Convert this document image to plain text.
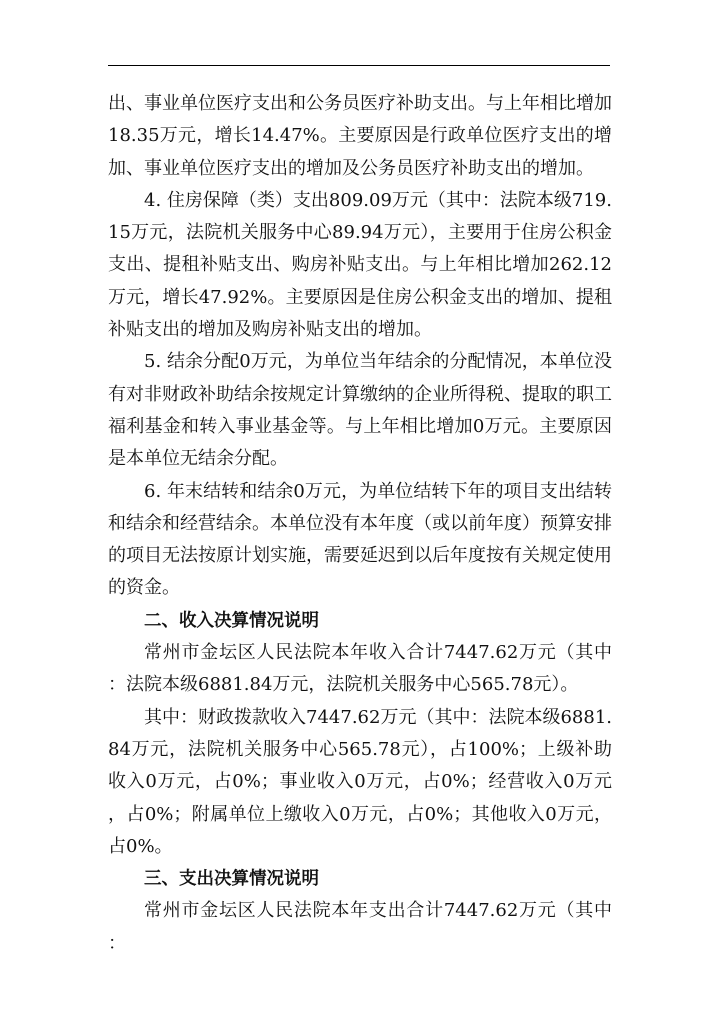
出、事业单位医疗支出和公务员医疗补助支出。与上年相比增加18.35万元，增长14.47%。主要原因是行政单位医疗支出的增加、事业单位医疗支出的增加及公务员医疗补助支出的增加。

4. 住房保障（类）支出809.09万元（其中：法院本级719.15万元，法院机关服务中心89.94万元），主要用于住房公积金支出、提租补贴支出、购房补贴支出。与上年相比增加262.12万元，增长47.92%。主要原因是住房公积金支出的增加、提租补贴支出的增加及购房补贴支出的增加。

5. 结余分配0万元，为单位当年结余的分配情况，本单位没有对非财政补助结余按规定计算缴纳的企业所得税、提取的职工福利基金和转入事业基金等。与上年相比增加0万元。主要原因是本单位无结余分配。

6. 年末结转和结余0万元，为单位结转下年的项目支出结转和结余和经营结余。本单位没有本年度（或以前年度）预算安排的项目无法按原计划实施，需要延迟到以后年度按有关规定使用的资金。

二、收入决算情况说明

常州市金坛区人民法院本年收入合计7447.62万元（其中：法院本级6881.84万元，法院机关服务中心565.78元）。

其中：财政拨款收入7447.62万元（其中：法院本级6881.84万元，法院机关服务中心565.78元），占100%；上级补助收入0万元，占0%；事业收入0万元，占0%；经营收入0万元，占0%；附属单位上缴收入0万元，占0%；其他收入0万元，占0%。

三、支出决算情况说明

常州市金坛区人民法院本年支出合计7447.62万元（其中：
